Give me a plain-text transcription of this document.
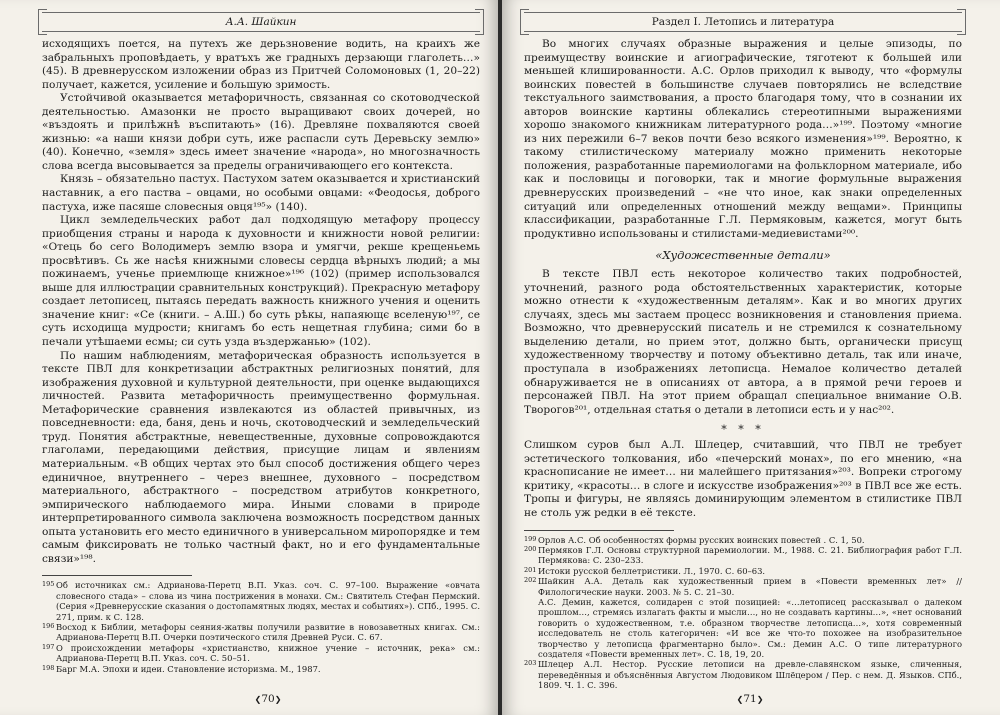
А.А. Шайкин

исходящихъ поется, на путехъ же дерьзновение водить, на краихъ же забральныхъ проповѣдаеть, у вратъхъ же градныхъ дерзающи глаголеть…» (45). В древнерусском изложении образ из Притчей Соломоновых (1, 20–22) получает, кажется, усиление и большую зримость.

Устойчивой оказывается метафоричность, связанная со скотоводческой деятельностью. Амазонки не просто выращивают своих дочерей, но «въздоять и прилѣжнѣ въспитають» (16). Древляне похваляются своей жизнью: «а наши князи добри суть, иже распасли суть Деревьску землю» (40). Конечно, «земля» здесь имеет значение «народа», но многозначность слова всегда высовывается за пределы ограничивающего его контекста.

Князь – обязательно пастух. Пастухом затем оказывается и христианский наставник, а его паства – овцами, но особыми овцами: «Феодосья, доброго пастуха, иже пасяше словесныя овця¹⁹⁵» (140).

Цикл земледельческих работ дал подходящую метафору процессу приобщения страны и народа к духовности и книжности новой религии: «Отець бо сего Володимеръ землю взора и умягчи, рекше крещеньемь просвѣтивъ. Сь же насѣя книжными словесы сердца вѣрныхъ людий; а мы пожинаемъ, ученье приемлюще книжное»¹⁹⁶ (102) (пример использовался выше для иллюстрации сравнительных конструкций). Прекрасную метафору создает летописец, пытаясь передать важность книжного учения и оценить значение книг: «Се (книги. – А.Ш.) бо суть рѣкы, напаяющє вселеную¹⁹⁷, се суть исходища мудрости; книгамъ бо есть нещетная глубина; сими бо в печали утѣшаеми есмы; си суть узда въздержанью» (102).

По нашим наблюдениям, метафорическая образность используется в тексте ПВЛ для конкретизации абстрактных религиозных понятий, для изображения духовной и культурной деятельности, при оценке выдающихся личностей. Развита метафоричность преимущественно формульная. Метафорические сравнения извлекаются из областей привычных, из повседневности: еда, баня, день и ночь, скотоводческий и земледельческий труд. Понятия абстрактные, невещественные, духовные сопровождаются глаголами, передающими действия, присущие лицам и явлениям материальным. «В общих чертах это был способ достижения общего через единичное, внутреннего – через внешнее, духовного – посредством материального, абстрактного – посредством атрибутов конкретного, эмпирического наблюдаемого мира. Иными словами в природе интерпретированного символа заключена возможность посредством данных опыта установить его место единичного в универсальном миропорядке и тем самым фиксировать не только частный факт, но и его фундаментальные связи»¹⁹⁸.

195 Об источниках см.: Адрианова-Перетц В.П. Указ. соч. С. 97–100. Выражение «овчата словесного стада» – слова из чина пострижения в монахи. См.: Святитель Стефан Пермский. (Серия «Древнерусские сказания о достопамятных людях, местах и событиях»). СПб., 1995. С. 271, прим. к С. 128.
196 Восход к Библии, метафоры сеяния-жатвы получили развитие в новозаветных книгах. См.: Адрианова-Перетц В.П. Очерки поэтического стиля Древней Руси. С. 67.
197 О происхождении метафоры «христианство, книжное учение – источник, река» см.: Адрианова-Перетц В.П. Указ. соч. С. 50–51.
198 Барг М.А. Эпохи и идеи. Становление историзма. М., 1987.
❮70❯
Раздел I. Летопись и литература

Во многих случаях образные выражения и целые эпизоды, по преимуществу воинские и агиографические, тяготеют к большей или меньшей клишированности. А.С. Орлов приходил к выводу, что «формулы воинских повестей в большинстве случаев повторялись не вследствие текстуального заимствования, а просто благодаря тому, что в сознании их авторов воинские картины облекались стереотипными выражениями хорошо знакомого книжникам литературного рода…»¹⁹⁹. Поэтому «многие из них пережили 6–7 веков почти безо всякого изменения»¹⁹⁹. Вероятно, к такому стилистическому материалу можно применить некоторые положения, разработанные паремиологами на фольклорном материале, ибо как и пословицы и поговорки, так и многие формульные выражения древнерусских произведений – «не что иное, как знаки определенных ситуаций или определенных отношений между вещами». Принципы классификации, разработанные Г.Л. Пермяковым, кажется, могут быть продуктивно использованы и стилистами-медиевистами²⁰⁰.

«Художественные детали»

В тексте ПВЛ есть некоторое количество таких подробностей, уточнений, разного рода обстоятельственных характеристик, которые можно отнести к «художественным деталям». Как и во многих других случаях, здесь мы застаем процесс возникновения и становления приема. Возможно, что древнерусский писатель и не стремился к сознательному выделению детали, но прием этот, должно быть, органически присущ художественному творчеству и потому объективно деталь, так или иначе, проступала в изображениях летописца. Немалое количество деталей обнаруживается не в описаниях от автора, а в прямой речи героев и персонажей ПВЛ. На этот прием обращал специальное внимание О.В. Творогов²⁰¹, отдельная статья о детали в летописи есть и у нас²⁰².

* * *

Слишком суров был А.Л. Шлецер, считавший, что ПВЛ не требует эстетического толкования, ибо «печерский монах», по его мнению, «на краснописание не имеет… ни малейшего притязания»²⁰³. Вопреки строгому критику, «красоты… в слоге и искусстве изображения»²⁰³ в ПВЛ все же есть. Тропы и фигуры, не являясь доминирующим элементом в стилистике ПВЛ не столь уж редки в её тексте.

199 Орлов А.С. Об особенностях формы русских воинских повестей . С. 1, 50.
200 Пермяков Г.Л. Основы структурной паремиологии. М., 1988. С. 21. Библиография работ Г.Л. Пермякова: С. 230–233.
201 Истоки русской беллетристики. Л., 1970. С. 60–63.
202 Шайкин А.А. Деталь как художественный прием в «Повести временных лет» // Филологические науки. 2003. № 5. С. 21–30.
А.С. Демин, кажется, солидарен с этой позицией: «…летописец рассказывал о далеком прошлом…, стремясь излагать факты и мысли…, но не создавать картины…», «нет оснований говорить о художественном, т.е. образном творчестве летописца…», хотя современный исследователь не столь категоричен: «И все же что-то похожее на изобразительное творчество у летописца фрагментарно было». См.: Демин А.С. О типе литературного создателя «Повести временных лет». С. 18, 19, 20.
203 Шлецер А.Л. Нестор. Русские летописи на древле-славянском языке, сличенныя, переведённыя и объяснённыя Августом Людовиком Шлёцером / Пер. с нем. Д. Языков. СПб., 1809. Ч. 1. С. 396.
❮71❯
